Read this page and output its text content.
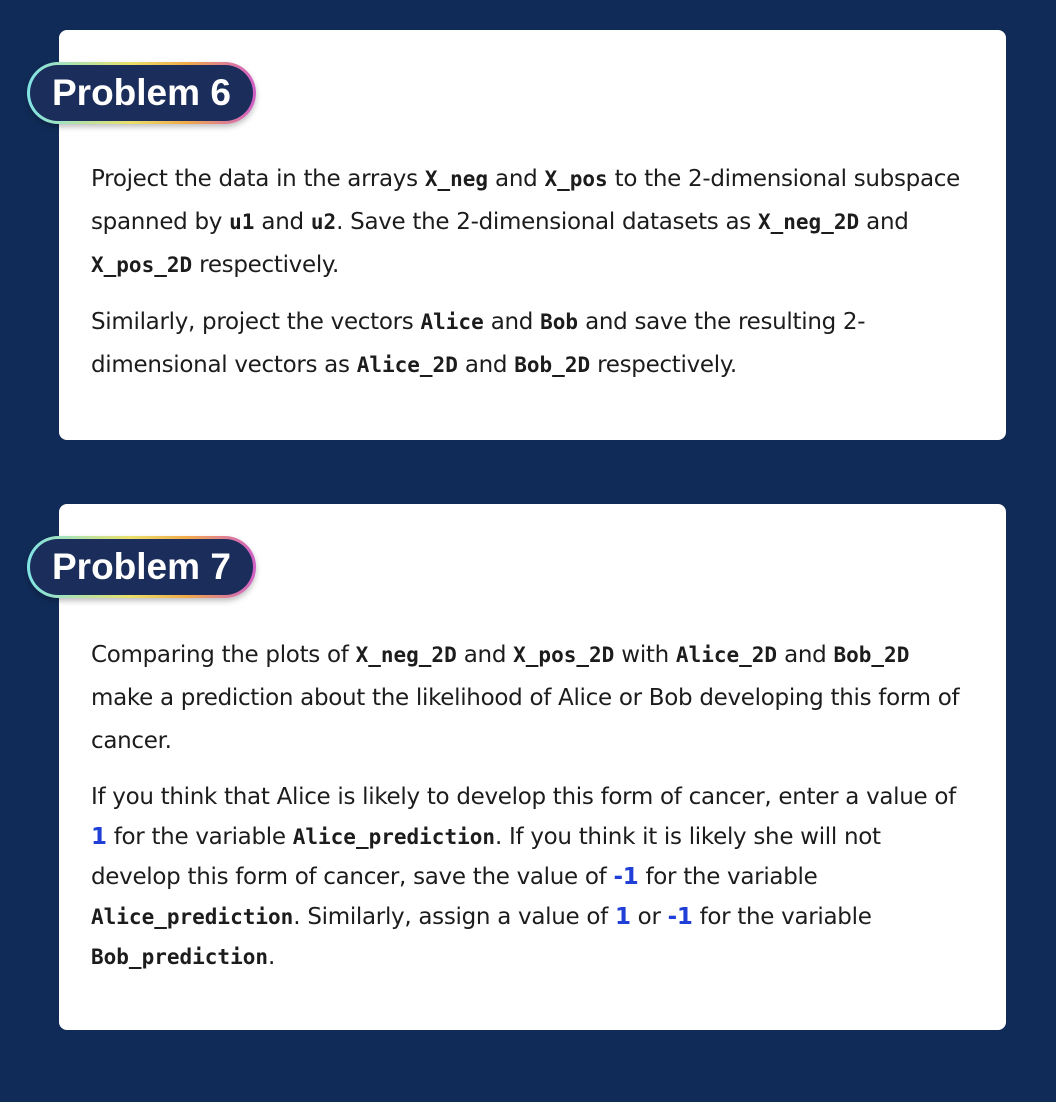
Problem 6

Project the data in the arrays X_neg and X_pos to the 2-dimensional subspace spanned by u1 and u2. Save the 2-dimensional datasets as X_neg_2D and X_pos_2D respectively.

Similarly, project the vectors Alice and Bob and save the resulting 2-dimensional vectors as Alice_2D and Bob_2D respectively.

Problem 7

Comparing the plots of X_neg_2D and X_pos_2D with Alice_2D and Bob_2D make a prediction about the likelihood of Alice or Bob developing this form of cancer.

If you think that Alice is likely to develop this form of cancer, enter a value of 1 for the variable Alice_prediction. If you think it is likely she will not develop this form of cancer, save the value of -1 for the variable Alice_prediction. Similarly, assign a value of 1 or -1 for the variable Bob_prediction.
